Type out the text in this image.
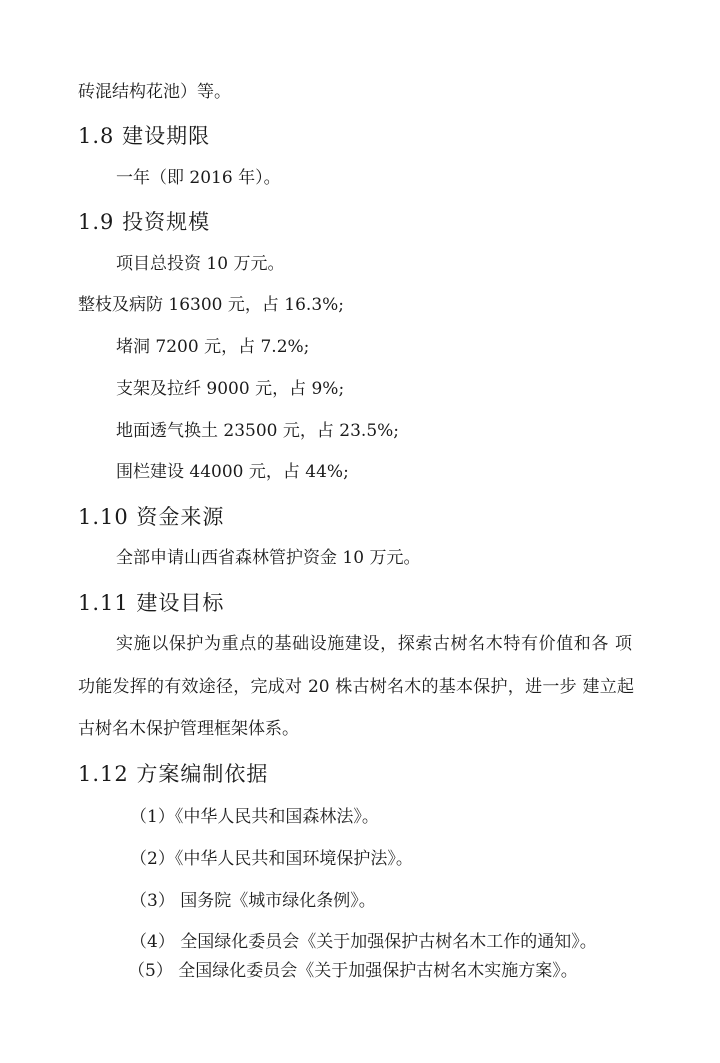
砖混结构花池）等。
1.8 建设期限
一年（即 2016 年）。
1.9 投资规模
项目总投资 10 万元。
整枝及病防 16300 元，占 16.3%;
堵洞 7200 元，占 7.2%;
支架及拉纤 9000 元，占 9%;
地面透气换土 23500 元，占 23.5%;
围栏建设 44000 元，占 44%;
1.10 资金来源
全部申请山西省森林管护资金 10 万元。
1.11 建设目标
实施以保护为重点的基础设施建设，探索古树名木特有价值和各 项
功能发挥的有效途径，完成对 20 株古树名木的基本保护，进一步 建立起
古树名木保护管理框架体系。
1.12 方案编制依据
（1）《中华人民共和国森林法》。
（2）《中华人民共和国环境保护法》。
（3） 国务院《城市绿化条例》。
（4） 全国绿化委员会《关于加强保护古树名木工作的通知》。
（5） 全国绿化委员会《关于加强保护古树名木实施方案》。
